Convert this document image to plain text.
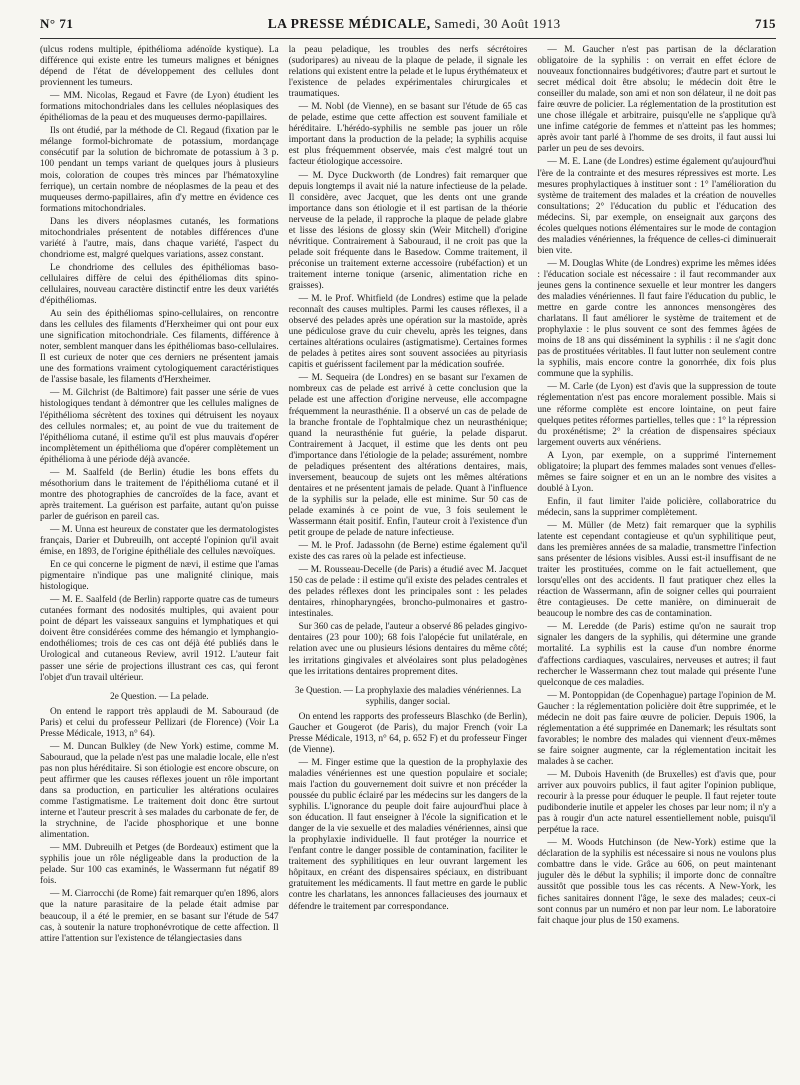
N° 71	LA PRESSE MÉDICALE, Samedi, 30 Août 1913	715

(ulcus rodens multiple, épithélioma adénoïde kystique). La différence qui existe entre les tumeurs malignes et bénignes dépend de l'état de développement des cellules dont proviennent les tumeurs.

— MM. Nicolas, Regaud et Favre (de Lyon) étudient les formations mitochondriales dans les cellules néoplasiques des épithéliomas de la peau et des muqueuses dermo-papillaires.

Ils ont étudié, par la méthode de Cl. Regaud (fixation par le mélange formol-bichromate de potassium, mordançage consécutif par la solution de bichromate de potassium à 3 p. 100 pendant un temps variant de quelques jours à plusieurs mois, coloration de coupes très minces par l'hématoxyline ferrique), un certain nombre de néoplasmes de la peau et des muqueuses dermo-papillaires, afin d'y mettre en évidence ces formations mitochondriales.

Dans les divers néoplasmes cutanés, les formations mitochondriales présentent de notables différences d'une variété à l'autre, mais, dans chaque variété, l'aspect du chondriome est, malgré quelques variations, assez constant.

Le chondriome des cellules des épithéliomas baso-cellulaires diffère de celui des épithéliomas dits spino-cellulaires, nouveau caractère distinctif entre les deux variétés d'épithéliomas.

Au sein des épithéliomas spino-cellulaires, on rencontre dans les cellules des filaments d'Herxheimer qui ont pour eux une signification mitochondriale. Ces filaments, différence à noter, semblent manquer dans les épithéliomas baso-cellulaires. Il est curieux de noter que ces derniers ne présentent jamais une des formations vraiment cytologiquement caractéristiques de l'assise basale, les filaments d'Herxheimer.

— M. Gilchrist (de Baltimore) fait passer une série de vues histologiques tendant à démontrer que les cellules malignes de l'épithélioma sécrètent des toxines qui détruisent les noyaux des cellules normales; et, au point de vue du traitement de l'épithélioma cutané, il estime qu'il est plus mauvais d'opérer incomplètement un épithélioma que d'opérer complètement un épithélioma à une période déjà avancée.

— M. Saalfeld (de Berlin) étudie les bons effets du mésothorium dans le traitement de l'épithélioma cutané et il montre des photographies de cancroïdes de la face, avant et après traitement. La guérison est parfaite, autant qu'on puisse parler de guérison en pareil cas.

— M. Unna est heureux de constater que les dermatologistes français, Darier et Dubreuilh, ont accepté l'opinion qu'il avait émise, en 1893, de l'origine épithéliale des cellules nævoïques.

En ce qui concerne le pigment de nævi, il estime que l'amas pigmentaire n'indique pas une malignité clinique, mais histologique.

— M. E. Saalfeld (de Berlin) rapporte quatre cas de tumeurs cutanées formant des nodosités multiples, qui avaient pour point de départ les vaisseaux sanguins et lymphatiques et qui doivent être considérées comme des hémangio et lymphangio-endothéliomes; trois de ces cas ont déjà été publiés dans le Urological and cutaneous Review, avril 1912. L'auteur fait passer une série de projections illustrant ces cas, qui feront l'objet d'un travail ultérieur.

2e Question. — La pelade.

On entend le rapport très applaudi de M. Sabouraud (de Paris) et celui du professeur Pellizari (de Florence) (Voir La Presse Médicale, 1913, n° 64).

— M. Duncan Bulkley (de New York) estime, comme M. Sabouraud, que la pelade n'est pas une maladie locale, elle n'est pas non plus héréditaire. Si son étiologie est encore obscure, on peut affirmer que les causes réflexes jouent un rôle important dans sa production, en particulier les altérations oculaires comme l'astigmatisme. Le traitement doit donc être surtout interne et l'auteur prescrit à ses malades du carbonate de fer, de la strychnine, de l'acide phosphorique et une bonne alimentation.

— MM. Dubreuilh et Petges (de Bordeaux) estiment que la syphilis joue un rôle négligeable dans la production de la pelade. Sur 100 cas examinés, le Wassermann fut négatif 89 fois.

— M. Ciarrocchi (de Rome) fait remarquer qu'en 1896, alors que la nature parasitaire de la pelade était admise par beaucoup, il a été le premier, en se basant sur l'étude de 547 cas, à soutenir la nature trophonévrotique de cette affection. Il attire l'attention sur l'existence de télangiectasies dans

la peau peladique, les troubles des nerfs sécrétoires (sudoripares) au niveau de la plaque de pelade, il signale les relations qui existent entre la pelade et le lupus érythémateux et l'existence de pelades expérimentales chirurgicales et traumatiques.

— M. Nobl (de Vienne), en se basant sur l'étude de 65 cas de pelade, estime que cette affection est souvent familiale et héréditaire. L'hérédo-syphilis ne semble pas jouer un rôle important dans la production de la pelade; la syphilis acquise est plus fréquemment observée, mais c'est malgré tout un facteur étiologique accessoire.

— M. Dyce Duckworth (de Londres) fait remarquer que depuis longtemps il avait nié la nature infectieuse de la pelade. Il considère, avec Jacquet, que les dents ont une grande importance dans son étiologie et il est partisan de la théorie nerveuse de la pelade, il rapproche la plaque de pelade glabre et lisse des lésions de glossy skin (Weir Mitchell) d'origine névritique. Contrairement à Sabouraud, il ne croit pas que la pelade soit fréquente dans le Basedow. Comme traitement, il préconise un traitement externe accessoire (rubéfaction) et un traitement interne tonique (arsenic, alimentation riche en graisses).

— M. le Prof. Whitfield (de Londres) estime que la pelade reconnaît des causes multiples. Parmi les causes réflexes, il a observé des pelades après une opération sur la mastoïde, après une pédiculose grave du cuir chevelu, après les teignes, dans certaines altérations oculaires (astigmatisme). Certaines formes de pelades à petites aires sont souvent associées au pityriasis capitis et guérissent facilement par la médication soufrée.

— M. Sequeira (de Londres) en se basant sur l'examen de nombreux cas de pelade est arrivé à cette conclusion que la pelade est une affection d'origine nerveuse, elle accompagne fréquemment la neurasthénie. Il a observé un cas de pelade de la branche frontale de l'ophtalmique chez un neurasthénique; quand la neurasthénie fut guérie, la pelade disparut. Contrairement à Jacquet, il estime que les dents ont peu d'importance dans l'étiologie de la pelade; assurément, nombre de peladiques présentent des altérations dentaires, mais, inversement, beaucoup de sujets ont les mêmes altérations dentaires et ne présentent jamais de pelade. Quant à l'influence de la syphilis sur la pelade, elle est minime. Sur 50 cas de pelade examinés à ce point de vue, 3 fois seulement le Wassermann était positif. Enfin, l'auteur croit à l'existence d'un petit groupe de pelade de nature infectieuse.

— M. le Prof. Jadassohn (de Berne) estime également qu'il existe des cas rares où la pelade est infectieuse.

— M. Rousseau-Decelle (de Paris) a étudié avec M. Jacquet 150 cas de pelade : il estime qu'il existe des pelades centrales et des pelades réflexes dont les principales sont : les pelades dentaires, rhinopharyngées, broncho-pulmonaires et gastro-intestinales.

Sur 360 cas de pelade, l'auteur a observé 86 pelades gingivo-dentaires (23 pour 100); 68 fois l'alopécie fut unilatérale, en relation avec une ou plusieurs lésions dentaires du même côté; les irritations gingivales et alvéolaires sont plus peladogènes que les irritations dentaires proprement dites.

3e Question. — La prophylaxie des maladies vénériennes. La syphilis, danger social.

On entend les rapports des professeurs Blaschko (de Berlin), Gaucher et Gougerot (de Paris), du major French (voir La Presse Médicale, 1913, n° 64, p. 652 F) et du professeur Finger (de Vienne).

— M. Finger estime que la question de la prophylaxie des maladies vénériennes est une question populaire et sociale; mais l'action du gouvernement doit suivre et non précéder la poussée du public éclairé par les médecins sur les dangers de la syphilis. L'ignorance du peuple doit faire aujourd'hui place à son éducation. Il faut enseigner à l'école la signification et le danger de la vie sexuelle et des maladies vénériennes, ainsi que la prophylaxie individuelle. Il faut protéger la nourrice et l'enfant contre le danger possible de contamination, faciliter le traitement des syphilitiques en leur ouvrant largement les hôpitaux, en créant des dispensaires spéciaux, en distribuant gratuitement les médicaments. Il faut mettre en garde le public contre les charlatans, les annonces fallacieuses des journaux et défendre le traitement par correspondance.

— M. Gaucher n'est pas partisan de la déclaration obligatoire de la syphilis : on verrait en effet éclore de nouveaux fonctionnaires budgétivores; d'autre part et surtout le secret médical doit être absolu; le médecin doit être le conseiller du malade, son ami et non son délateur, il ne doit pas faire œuvre de policier. La réglementation de la prostitution est une chose illégale et arbitraire, puisqu'elle ne s'applique qu'à une infime catégorie de femmes et n'atteint pas les hommes; après avoir tant parlé à l'homme de ses droits, il faut aussi lui parler un peu de ses devoirs.

— M. E. Lane (de Londres) estime également qu'aujourd'hui l'ère de la contrainte et des mesures répressives est morte. Les mesures prophylactiques à instituer sont : 1° l'amélioration du système de traitement des malades et la création de nouvelles consultations; 2° l'éducation du public et l'éducation des médecins. Si, par exemple, on enseignait aux garçons des écoles quelques notions élémentaires sur le mode de contagion des maladies vénériennes, la fréquence de celles-ci diminuerait bien vite.

— M. Douglas White (de Londres) exprime les mêmes idées : l'éducation sociale est nécessaire : il faut recommander aux jeunes gens la continence sexuelle et leur montrer les dangers des maladies vénériennes. Il faut faire l'éducation du public, le mettre en garde contre les annonces mensongères des charlatans. Il faut améliorer le système de traitement et de prophylaxie : le plus souvent ce sont des femmes âgées de moins de 18 ans qui disséminent la syphilis : il ne s'agit donc pas de prostituées véritables. Il faut lutter non seulement contre la syphilis, mais encore contre la gonorrhée, dix fois plus commune que la syphilis.

— M. Carle (de Lyon) est d'avis que la suppression de toute réglementation n'est pas encore moralement possible. Mais si une réforme complète est encore lointaine, on peut faire quelques petites réformes partielles, telles que : 1° la répression du proxénétisme; 2° la création de dispensaires spéciaux largement ouverts aux vénériens.

A Lyon, par exemple, on a supprimé l'internement obligatoire; la plupart des femmes malades sont venues d'elles-mêmes se faire soigner et en un an le nombre des visites a doublé à Lyon.

Enfin, il faut limiter l'aide policière, collaboratrice du médecin, sans la supprimer complètement.

— M. Müller (de Metz) fait remarquer que la syphilis latente est cependant contagieuse et qu'un syphilitique peut, dans les premières années de sa maladie, transmettre l'infection sans présenter de lésions visibles. Aussi est-il insuffisant de ne traiter les prostituées, comme on le fait actuellement, que lorsqu'elles ont des accidents. Il faut pratiquer chez elles la réaction de Wassermann, afin de soigner celles qui pourraient être contagieuses. De cette manière, on diminuerait de beaucoup le nombre des cas de contamination.

— M. Leredde (de Paris) estime qu'on ne saurait trop signaler les dangers de la syphilis, qui détermine une grande mortalité. La syphilis est la cause d'un nombre énorme d'affections cardiaques, vasculaires, nerveuses et autres; il faut rechercher le Wassermann chez tout malade qui présente l'une quelconque de ces maladies.

— M. Pontoppidan (de Copenhague) partage l'opinion de M. Gaucher : la réglementation policière doit être supprimée, et le médecin ne doit pas faire œuvre de policier. Depuis 1906, la réglementation a été supprimée en Danemark; les résultats sont favorables; le nombre des malades qui viennent d'eux-mêmes se faire soigner augmente, car la réglementation incitait les malades à se cacher.

— M. Dubois Havenith (de Bruxelles) est d'avis que, pour arriver aux pouvoirs publics, il faut agiter l'opinion publique, recourir à la presse pour éduquer le peuple. Il faut rejeter toute pudibonderie inutile et appeler les choses par leur nom; il n'y a pas à rougir d'un acte naturel essentiellement noble, puisqu'il perpétue la race.

— M. Woods Hutchinson (de New-York) estime que la déclaration de la syphilis est nécessaire si nous ne voulons plus combattre dans le vide. Grâce au 606, on peut maintenant juguler dès le début la syphilis; il importe donc de connaître aussitôt que possible tous les cas récents. A New-York, les fiches sanitaires donnent l'âge, le sexe des malades; ceux-ci sont connus par un numéro et non par leur nom. Le laboratoire fait chaque jour plus de 150 examens.
